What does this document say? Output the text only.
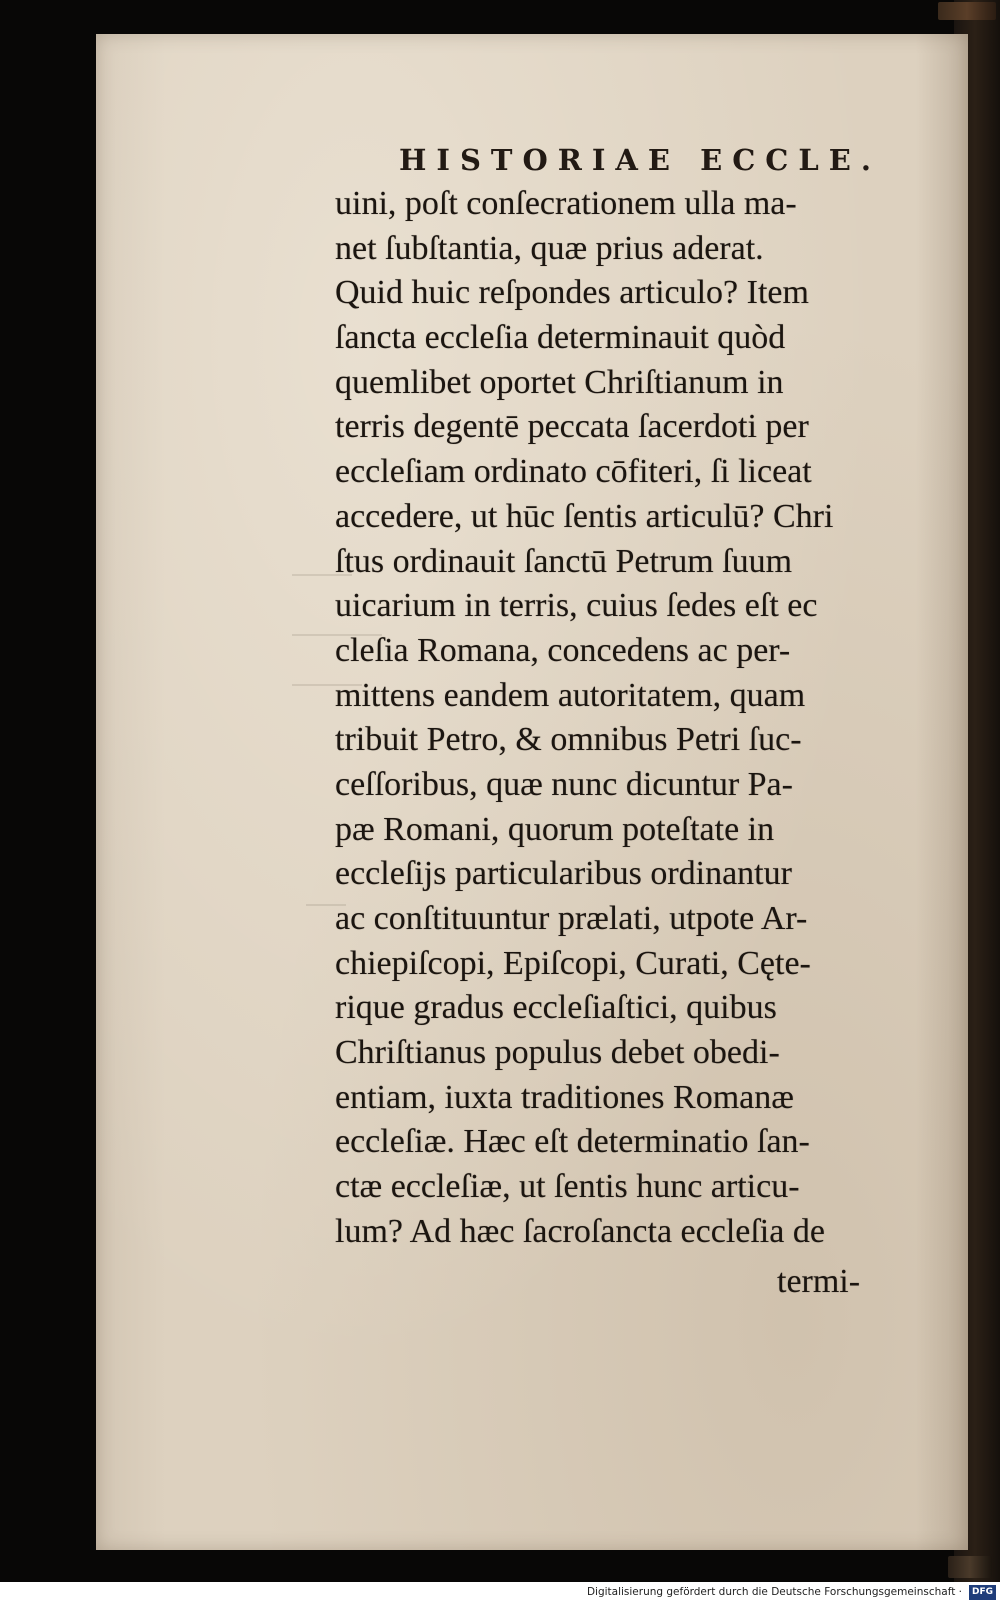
HISTORIAE ECCLE.
uini, poſt conſecrationem ulla ma-
net ſubſtantia, quæ prius aderat.
Quid huic reſpondes articulo? Item
ſancta eccleſia determinauit quòd
quemlibet oportet Chriſtianum in
terris degentē peccata ſacerdoti per
eccleſiam ordinato cōfiteri, ſi liceat
accedere, ut hūc ſentis articulū? Chri
ſtus ordinauit ſanctū Petrum ſuum
uicarium in terris, cuius ſedes eſt ec
cleſia Romana, concedens ac per-
mittens eandem autoritatem, quam
tribuit Petro, & omnibus Petri ſuc-
ceſſoribus, quæ nunc dicuntur Pa-
pæ Romani, quorum poteſtate in
eccleſijs particularibus ordinantur
ac conſtituuntur prælati, utpote Ar-
chiepiſcopi, Epiſcopi, Curati, Cęte-
rique gradus eccleſiaſtici, quibus
Chriſtianus populus debet obedi-
entiam, iuxta traditiones Romanæ
eccleſiæ. Hæc eſt determinatio ſan-
ctæ eccleſiæ, ut ſentis hunc articu-
lum? Ad hæc ſacroſancta eccleſia de
termi-
Digitalisierung gefördert durch die Deutsche Forschungsgemeinschaft ·	DFG
